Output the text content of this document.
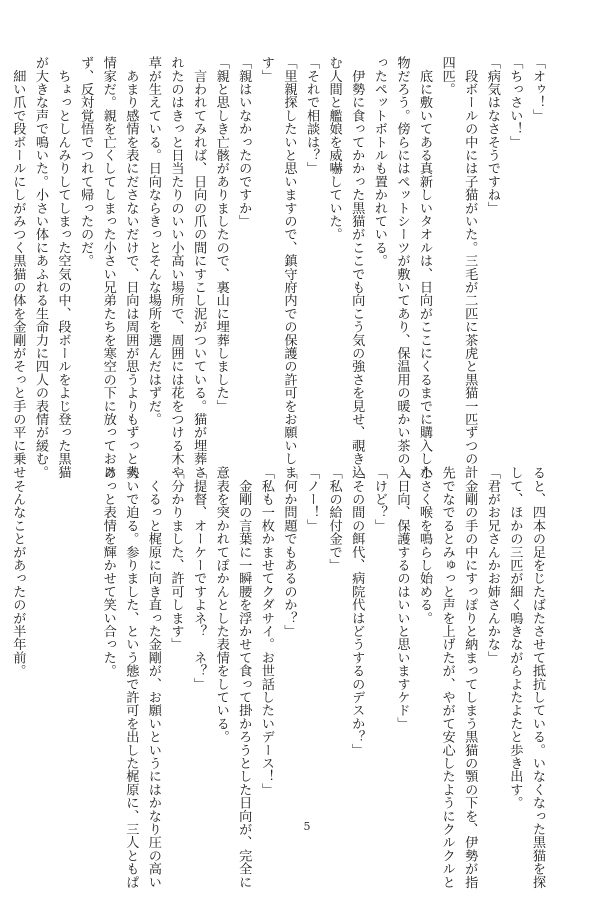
「オゥ！」
「ちっさい！」
「病気はなさそうですね」
　段ボールの中には子猫がいた。三毛が二匹に茶虎と黒猫一匹ずつの計
四匹。
　底に敷いてある真新しいタオルは、日向がここにくるまでに購入した
物だろう。傍らにはペットシーツが敷いてあり、保温用の暖かい茶の入
ったペットボトルも置かれている。
　伊勢に食ってかかった黒猫がここでも向こう気の強さを見せ、覗き込
む人間と艦娘を威嚇していた。
「それで相談は？」
「里親探したいと思いますので、鎮守府内での保護の許可をお願いしま
す」
「親はいなかったのですか」
「親と思しき亡骸がありましたので、裏山に埋葬しました」
　言われてみれば、日向の爪の間にすこし泥がついている。猫が埋葬さ
れたのはきっと日当たりのいい小高い場所で、周囲には花をつける木や
草が生えている。日向ならきっとそんな場所を選んだはずだ。
　あまり感情を表にださないだけで、日向は周囲が思うよりもずっと人
情家だ。親を亡くしてしまった小さい兄弟たちを寒空の下に放っておけ
ず、反対覚悟でつれて帰ったのだ。
　ちょっとしんみりしてしまった空気の中、段ボールをよじ登った黒猫
が大きな声で鳴いた。小さい体にあふれる生命力に四人の表情が緩む。
　細い爪で段ボールにしがみつく黒猫の体を金剛がそっと手の平に乗せ
ると、四本の足をじたばたさせて抵抗している。いなくなった黒猫を探
して、ほかの三匹が細く鳴きながらよたよたと歩き出す。
「君がお兄さんかお姉さんかな」
　金剛の手の中にすっぽりと納まってしまう黒猫の顎の下を、伊勢が指
先でなでるとみゅっと声を上げたが、やがて安心したようにクルクルと
小さく喉を鳴らし始める。
「日向、保護するのはいいと思いますケド」
「けど？」
「その間の餌代、病院代はどうするのデスか？」
「私の給付金で」
「ノー！」
「何か問題でもあるのか？」
「私も一枚かませてクダサイ。お世話したいデース！」
　金剛の言葉に一瞬腰を浮かせて食って掛かろうとした日向が、完全に
意表を突かれてぽかんとした表情をしている。
「提督、オーケーですよネ？　ネ？」
「分かりました、許可します」
　くるっと梶原に向き直った金剛が、お願いというにはかなり圧の高い
勢いで迫る。参りました、という態で許可を出した梶原に、三人ともぱ
あっと表情を輝かせて笑い合った。

　そんなことがあったのが半年前。
5
